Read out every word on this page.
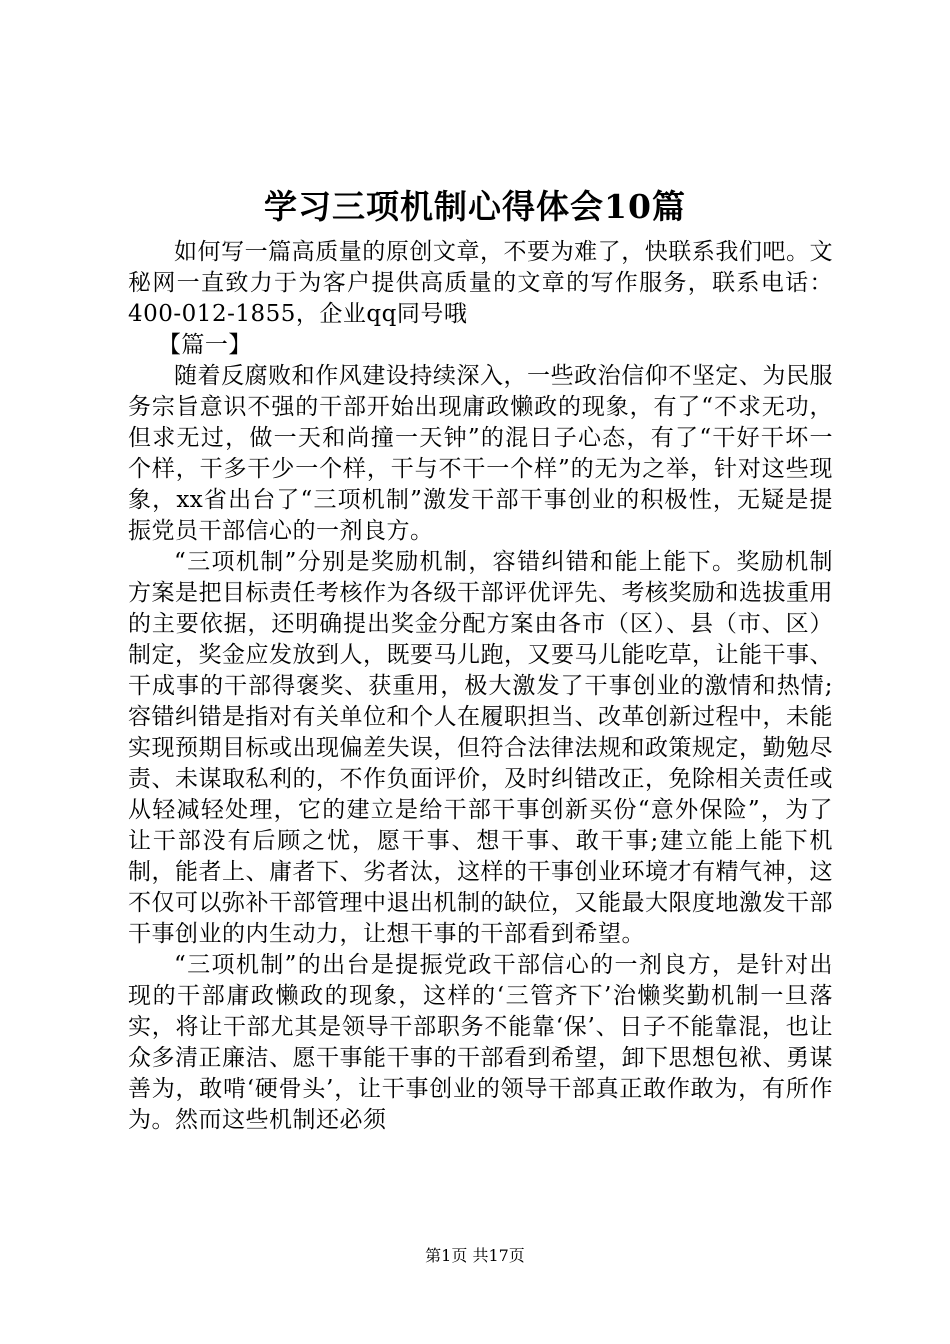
学习三项机制心得体会10篇

如何写一篇高质量的原创文章，不要为难了，快联系我们吧。文秘网一直致力于为客户提供高质量的文章的写作服务，联系电话：400-012-1855，企业qq同号哦

【篇一】

随着反腐败和作风建设持续深入，一些政治信仰不坚定、为民服务宗旨意识不强的干部开始出现庸政懒政的现象，有了“不求无功，但求无过，做一天和尚撞一天钟”的混日子心态，有了“干好干坏一个样，干多干少一个样，干与不干一个样”的无为之举，针对这些现象，xx省出台了“三项机制”激发干部干事创业的积极性，无疑是提振党员干部信心的一剂良方。

“三项机制”分别是奖励机制，容错纠错和能上能下。奖励机制方案是把目标责任考核作为各级干部评优评先、考核奖励和选拔重用的主要依据，还明确提出奖金分配方案由各市（区）、县（市、区）制定，奖金应发放到人，既要马儿跑，又要马儿能吃草，让能干事、干成事的干部得褒奖、获重用，极大激发了干事创业的激情和热情;容错纠错是指对有关单位和个人在履职担当、改革创新过程中，未能实现预期目标或出现偏差失误，但符合法律法规和政策规定，勤勉尽责、未谋取私利的，不作负面评价，及时纠错改正，免除相关责任或从轻减轻处理，它的建立是给干部干事创新买份“意外保险”，为了让干部没有后顾之忧，愿干事、想干事、敢干事;建立能上能下机制，能者上、庸者下、劣者汰，这样的干事创业环境才有精气神，这不仅可以弥补干部管理中退出机制的缺位，又能最大限度地激发干部干事创业的内生动力，让想干事的干部看到希望。

“三项机制”的出台是提振党政干部信心的一剂良方，是针对出现的干部庸政懒政的现象，这样的‘三管齐下’治懒奖勤机制一旦落实，将让干部尤其是领导干部职务不能靠‘保’、日子不能靠混，也让众多清正廉洁、愿干事能干事的干部看到希望，卸下思想包袱、勇谋善为，敢啃‘硬骨头’，让干事创业的领导干部真正敢作敢为，有所作为。然而这些机制还必须

第1页 共17页
